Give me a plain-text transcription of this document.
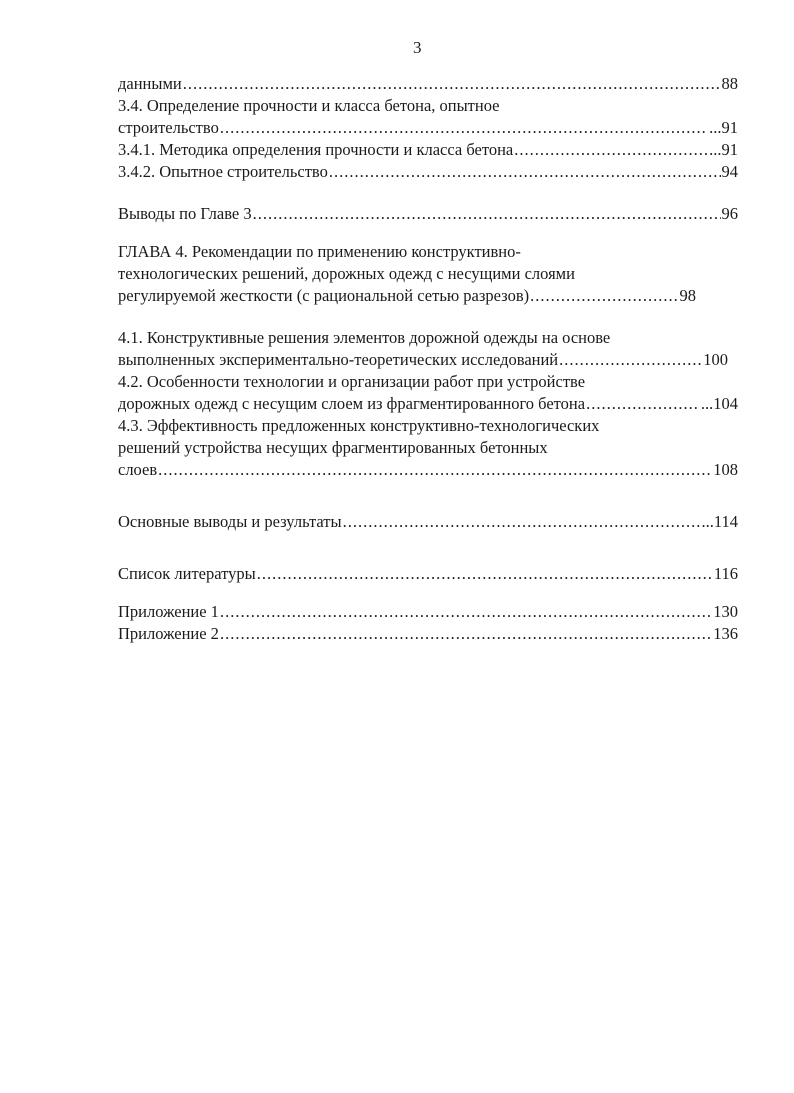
3
данными .....	88
3.4. Определение прочности и класса бетона, опытное
строительство .....	...91
3.4.1. Методика определения прочности и класса бетона .....	...91
3.4.2. Опытное строительство .....	94
Выводы по Главе 3 .....	96
ГЛАВА 4. Рекомендации по применению конструктивно-
технологических решений, дорожных одежд с несущими слоями
регулируемой жесткости (с рациональной сетью разрезов) .....	98
4.1. Конструктивные решения элементов дорожной одежды на основе
выполненных экспериментально-теоретических исследований .....	100
4.2. Особенности технологии и организации работ при устройстве
дорожных одежд с несущим слоем из фрагментированного бетона .....	...104
4.3. Эффективность предложенных конструктивно-технологических
решений устройства несущих фрагментированных бетонных
слоев .....	108
Основные выводы и результаты .....	...114
Список литературы .....	116
Приложение 1 .....	130
Приложение 2 .....	136
